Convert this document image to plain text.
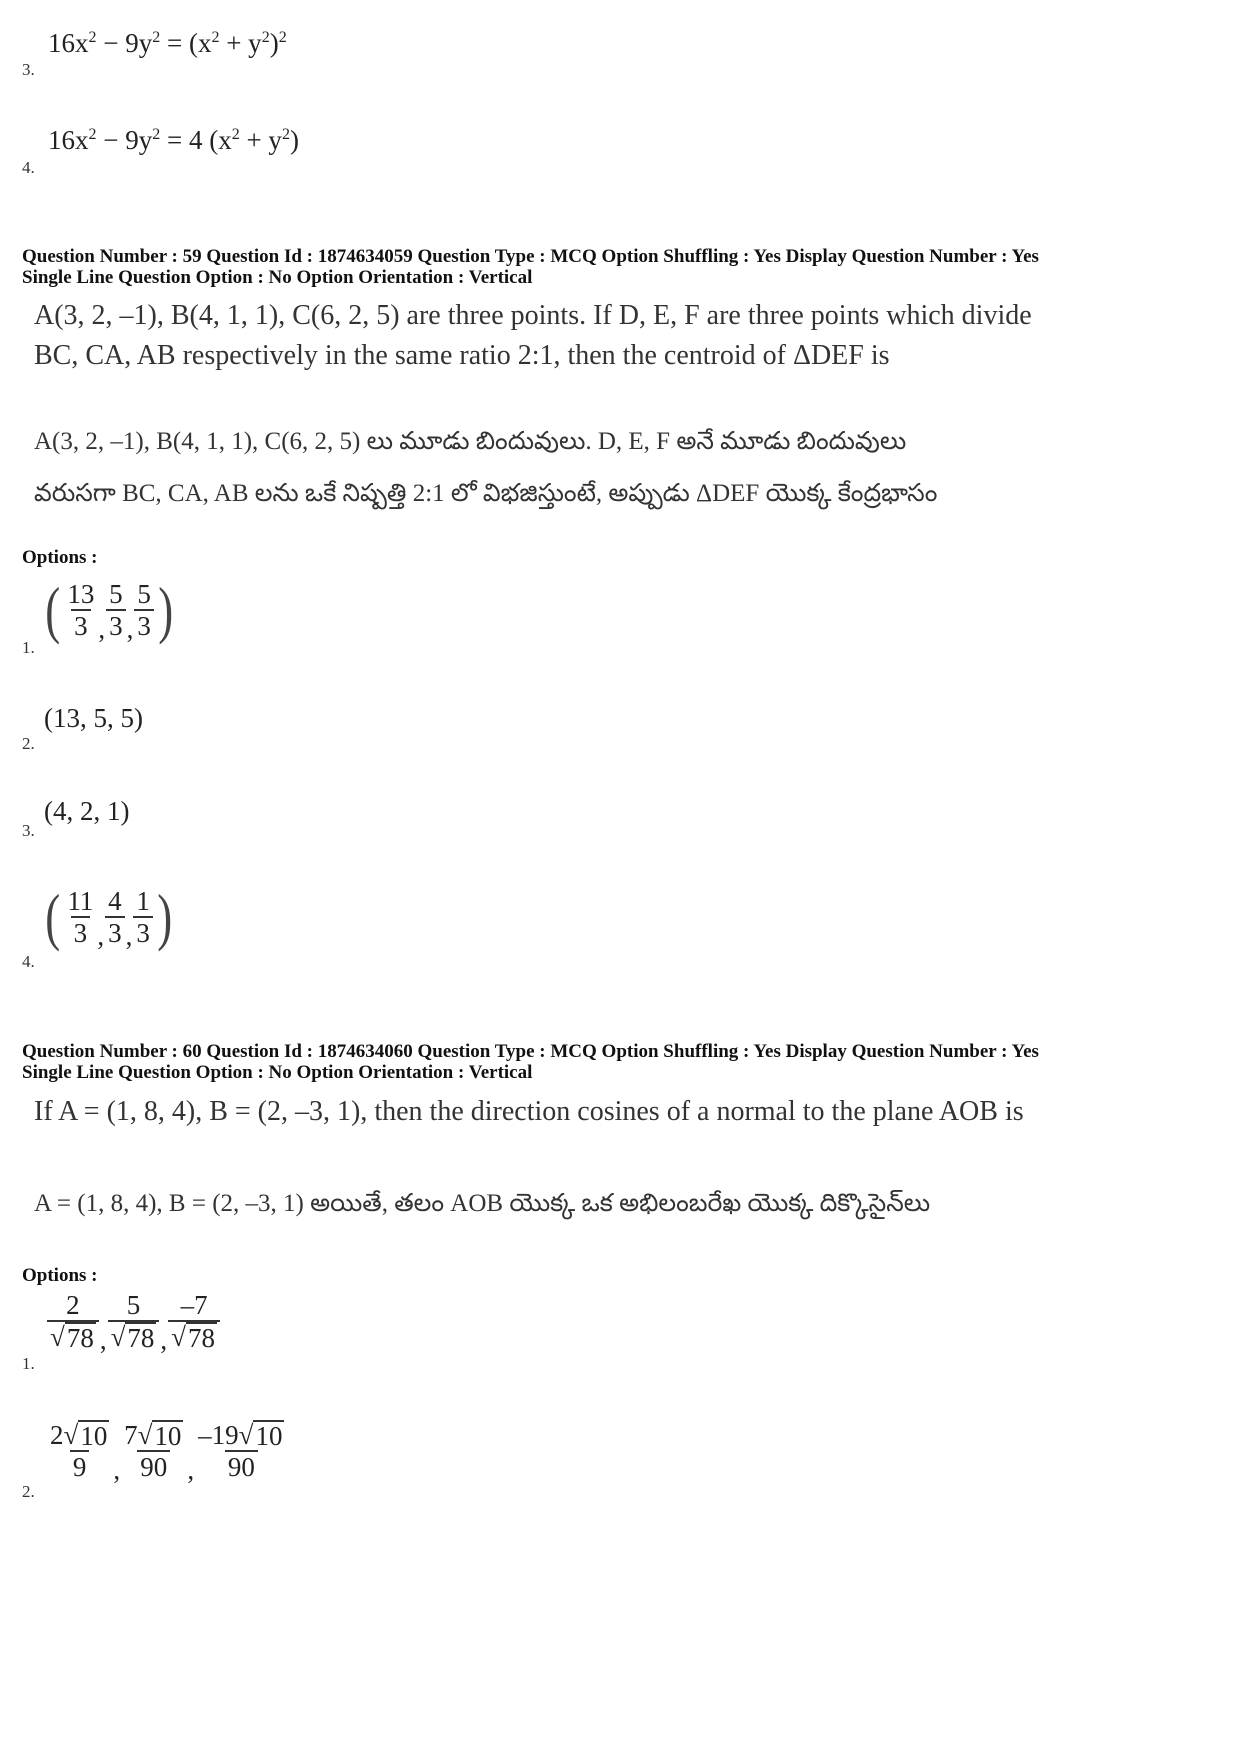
$16x^2 - 9y^2 = (x^2 + y^2)^2$
3.
$16x^2 - 9y^2 = 4$ $(x^2 + y^2)$
4.
Question Number : 59 Question Id : 1874634059 Question Type : MCQ Option Shuffling : Yes Display Question Number : Yes
Single Line Question Option : No Option Orientation : Vertical
A(3, 2, –1), B(4, 1, 1), C(6, 2, 5) are three points. If D, E, F are three points which divide
BC, CA, AB respectively in the same ratio 2:1, then the centroid of ΔDEF is
A(3, 2, –1), B(4, 1, 1), C(6, 2, 5) లు మూడు బిందువులు. D, E, F అనే మూడు బిందువులు
వరుసగా BC, CA, AB లను ఒకే నిష్పత్తి 2:1 లో విభజిస్తుంటే, అప్పుడు ΔDEF యొక్క కేంద్రభాసం
Options :
( $\frac{13}{3}$ , $\frac{5}{3}$ , $\frac{5}{3}$ )
1.
(13, 5, 5)
2.
(4, 2, 1)
3.
( $\frac{11}{3}$ , $\frac{4}{3}$ , $\frac{1}{3}$ )
4.
Question Number : 60 Question Id : 1874634060 Question Type : MCQ Option Shuffling : Yes Display Question Number : Yes
Single Line Question Option : No Option Orientation : Vertical
If A = (1, 8, 4), B = (2, –3, 1), then the direction cosines of a normal to the plane AOB is
A = (1, 8, 4), B = (2, –3, 1) అయితే, తలం AOB యొక్క ఒక అభిలంబరేఖ యొక్క దిక్కొసైన్‌లు
Options :
$\frac{2}{√ 78}$ , $\frac{5}{√ 78}$ , $\frac{-7}{√ 78}$
1.
$\frac{2 √ 10}{9}$ , $\frac{7 √ 10}{90}$ , $\frac{-19 √ 10}{90}$
2.
